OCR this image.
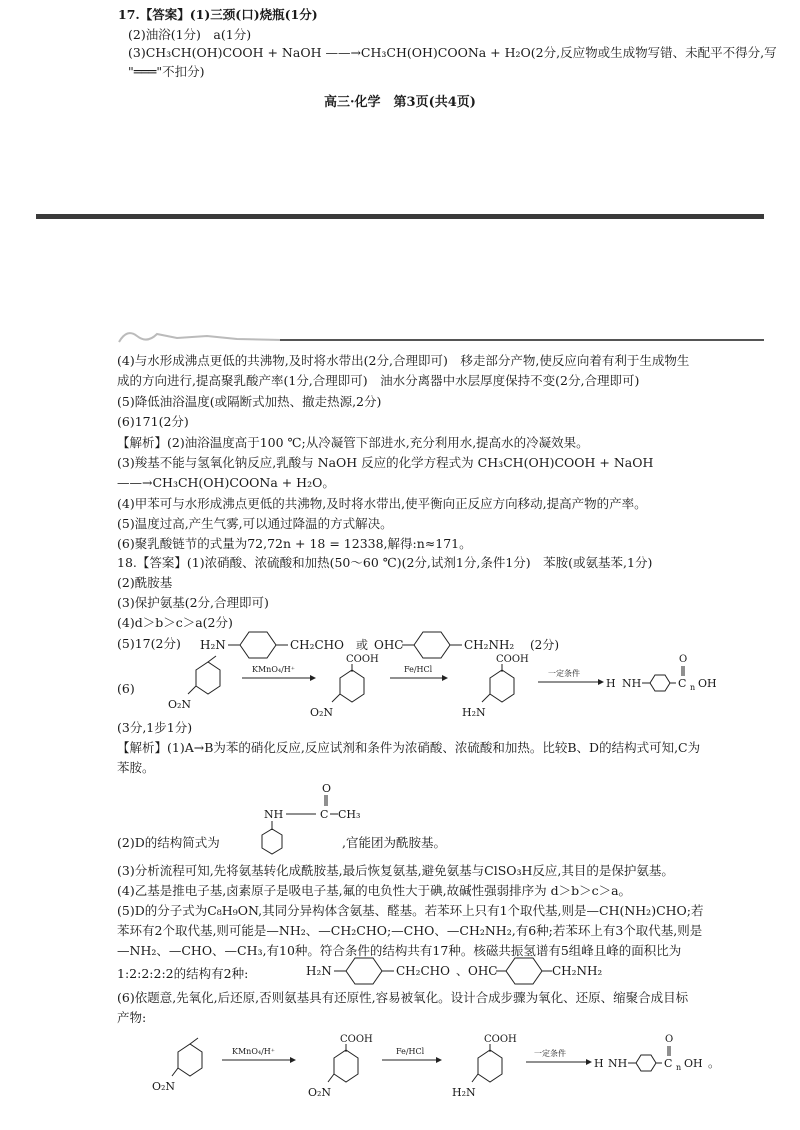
17.【答案】(1)三颈(口)烧瓶(1分)
(2)油浴(1分)　a(1分)
(3)CH₃CH(OH)COOH + NaOH ——→CH₃CH(OH)COONa + H₂O(2分,反应物或生成物写错、未配平不得分,写
"═══"不扣分)
高三·化学　第3页(共4页)
(4)与水形成沸点更低的共沸物,及时将水带出(2分,合理即可)　移走部分产物,使反应向着有利于生成物生
成的方向进行,提高聚乳酸产率(1分,合理即可)　油水分离器中水层厚度保持不变(2分,合理即可)
(5)降低油浴温度(或隔断式加热、撤走热源,2分)
(6)171(2分)
【解析】(2)油浴温度高于100 ℃;从冷凝管下部进水,充分利用水,提高水的冷凝效果。
(3)羧基不能与氢氧化钠反应,乳酸与 NaOH 反应的化学方程式为 CH₃CH(OH)COOH + NaOH
——→CH₃CH(OH)COONa + H₂O。
(4)甲苯可与水形成沸点更低的共沸物,及时将水带出,使平衡向正反应方向移动,提高产物的产率。
(5)温度过高,产生气雾,可以通过降温的方式解决。
(6)聚乳酸链节的式量为72,72n + 18 = 12338,解得:n≈171。
18.【答案】(1)浓硝酸、浓硫酸和加热(50～60 ℃)(2分,试剂1分,条件1分)　苯胺(或氨基苯,1分)
(2)酰胺基
(3)保护氨基(2分,合理即可)
(4)d＞b＞c＞a(2分)
(5)17(2分) H₂N	CH₂CHO 或 OHC	CH₂NH₂ (2分)
(6)
O₂N
KMnO₄/H⁺
COOH
O₂N
Fe/HCl
COOH
H₂N
一定条件
H NH	C
O
n OH
(3分,1步1分)
【解析】(1)A→B为苯的硝化反应,反应试剂和条件为浓硝酸、浓硫酸和加热。比较B、D的结构式可知,C为
苯胺。
O
NH	C CH₃
(2)D的结构简式为	,官能团为酰胺基。
(3)分析流程可知,先将氨基转化成酰胺基,最后恢复氨基,避免氨基与ClSO₃H反应,其目的是保护氨基。
(4)乙基是推电子基,卤素原子是吸电子基,氟的电负性大于碘,故碱性强弱排序为 d＞b＞c＞a。
(5)D的分子式为C₈H₉ON,其同分异构体含氨基、醛基。若苯环上只有1个取代基,则是—CH(NH₂)CHO;若
苯环有2个取代基,则可能是—NH₂、—CH₂CHO;—CHO、—CH₂NH₂,有6种;若苯环上有3个取代基,则是
—NH₂、—CHO、—CH₃,有10种。符合条件的结构共有17种。核磁共振氢谱有5组峰且峰的面积比为
1:2:2:2:2的结构有2种:	H₂N	CH₂CHO 、 OHC	CH₂NH₂
(6)依题意,先氧化,后还原,否则氨基具有还原性,容易被氧化。设计合成步骤为氧化、还原、缩聚合成目标
产物:
O₂N
KMnO₄/H⁺
COOH
O₂N
Fe/HCl
COOH
H₂N
一定条件
H NH	C
O
n OH 。
